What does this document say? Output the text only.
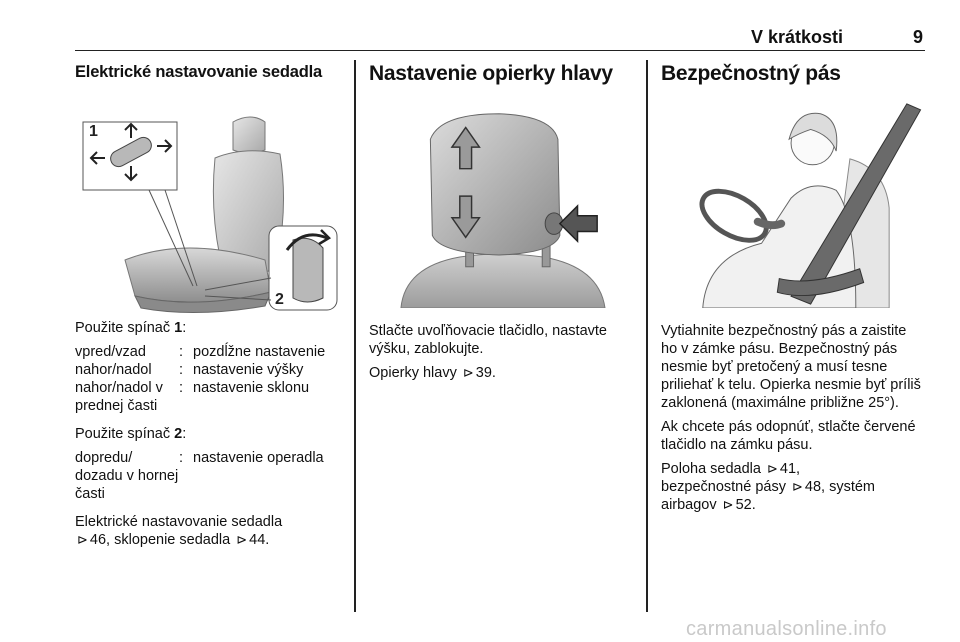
V krátkosti	9
Elektrické nastavovanie sedadla
1
2

Použite spínač 1:

vpred/vzad	:	pozdĺžne nastavenie
nahor/nadol	:	nastavenie výšky
nahor/nadol v prednej časti	:	nastavenie sklonu

Použite spínač 2:

dopredu/ dozadu v hornej časti	:	nastavenie operadla

Elektrické nastavovanie sedadla
⊳ 46, sklopenie sedadla ⊳ 44.

Nastavenie opierky hlavy

Stlačte uvoľňovacie tlačidlo, nastavte výšku, zablokujte.

Opierky hlavy ⊳ 39.

Bezpečnostný pás

Vytiahnite bezpečnostný pás a zaistite ho v zámke pásu. Bezpečnostný pás nesmie byť pretočený a musí tesne priliehať k telu. Opierka nesmie byť príliš zaklonená (maximálne približne 25°).

Ak chcete pás odopnúť, stlačte červené tlačidlo na zámku pásu.

Poloha sedadla ⊳ 41,
bezpečnostné pásy ⊳ 48, systém
airbagov ⊳ 52.

carmanualsonline.info
